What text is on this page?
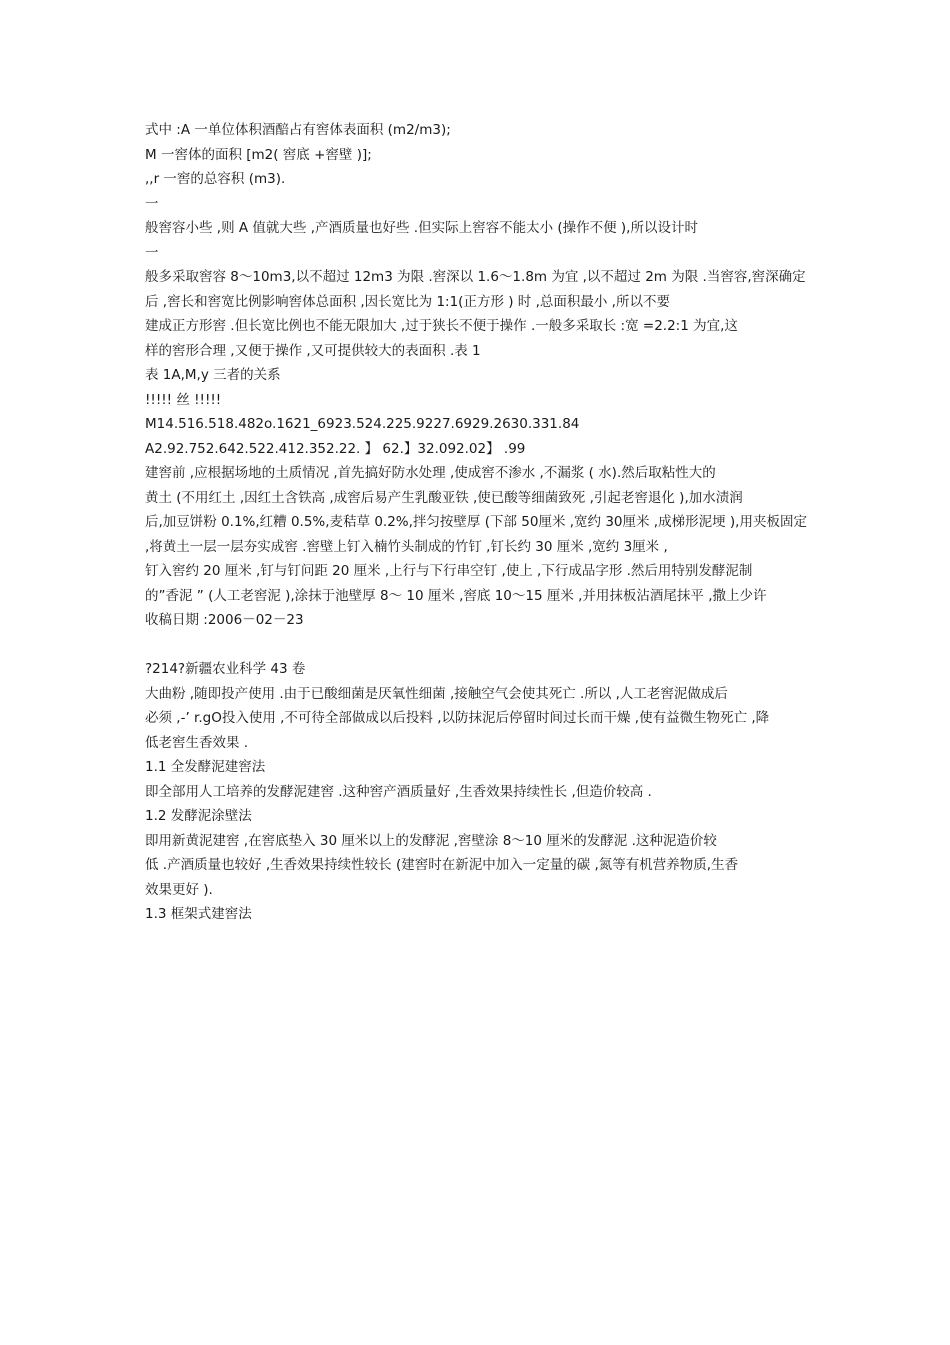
式中 :A 一单位体积酒醅占有窖体表面积 (m2/m3);
M 一窖体的面积 [m2( 窖底 +窖壁 )];
,,r 一窖的总容积 (m3).
一
般窖容小些 ,则 A 值就大些 ,产酒质量也好些 .但实际上窖容不能太小 (操作不便 ),所以设计时
一
般多采取窖容 8～10m3,以不超过 12m3 为限 .窖深以 1.6～1.8m 为宜 ,以不超过 2m 为限 .当窖容,窖深确定后 ,窖长和窖宽比例影响窖体总面积 ,因长宽比为 1:1(正方形 ) 时 ,总面积最小 ,所以不要
建成正方形窖 .但长宽比例也不能无限加大 ,过于狭长不便于操作 .一般多采取长 :宽 =2.2:1 为宜,这
样的窖形合理 ,又便于操作 ,又可提供较大的表面积 .表 1
表 1A,M,y 三者的关系
!!!!! 丝 !!!!!
M14.516.518.482o.1621_6923.524.225.9227.6929.2630.331.84
A2.92.752.642.522.412.352.22. 】 62.】32.092.02】 .99
建窖前 ,应根据场地的土质情况 ,首先搞好防水处理 ,使成窖不渗水 ,不漏浆 ( 水).然后取粘性大的
黄土 (不用红土 ,因红土含铁高 ,成窖后易产生乳酸亚铁 ,使已酸等细菌致死 ,引起老窖退化 ),加水渍润
后,加豆饼粉 0.1%,红糟 0.5%,麦秸草 0.2%,拌匀按壁厚 (下部 50厘米 ,宽约 30厘米 ,成梯形泥埂 ),用夹板固定 ,将黄土一层一层夯实成窖 .窖壁上钉入楠竹头制成的竹钉 ,钉长约 30 厘米 ,宽约 3厘米 ,
钉入窖约 20 厘米 ,钉与钉问距 20 厘米 ,上行与下行串空钉 ,使上 ,下行成品字形 .然后用特别发酵泥制
的”香泥 ” (人工老窖泥 ),涂抹于池壁厚 8～ 10 厘米 ,窖底 10～15 厘米 ,并用抹板沾酒尾抹平 ,撒上少许
收稿日期 :2006－02－23
?214?新疆农业科学 43 卷
大曲粉 ,随即投产使用 .由于已酸细菌是厌氧性细菌 ,接触空气会使其死亡 .所以 ,人工老窖泥做成后
必须 ,-’ r.gO投入使用 ,不可待全部做成以后投料 ,以防抹泥后停留时间过长而干燥 ,使有益微生物死亡 ,降
低老窖生香效果 .
1.1 全发酵泥建窖法
即全部用人工培养的发酵泥建窖 .这种窖产酒质量好 ,生香效果持续性长 ,但造价较高 .
1.2 发酵泥涂壁法
即用新黄泥建窖 ,在窖底垫入 30 厘米以上的发酵泥 ,窖壁涂 8～10 厘米的发酵泥 .这种泥造价较
低 .产酒质量也较好 ,生香效果持续性较长 (建窖时在新泥中加入一定量的碳 ,氮等有机营养物质,生香
效果更好 ).
1.3 框架式建窖法
